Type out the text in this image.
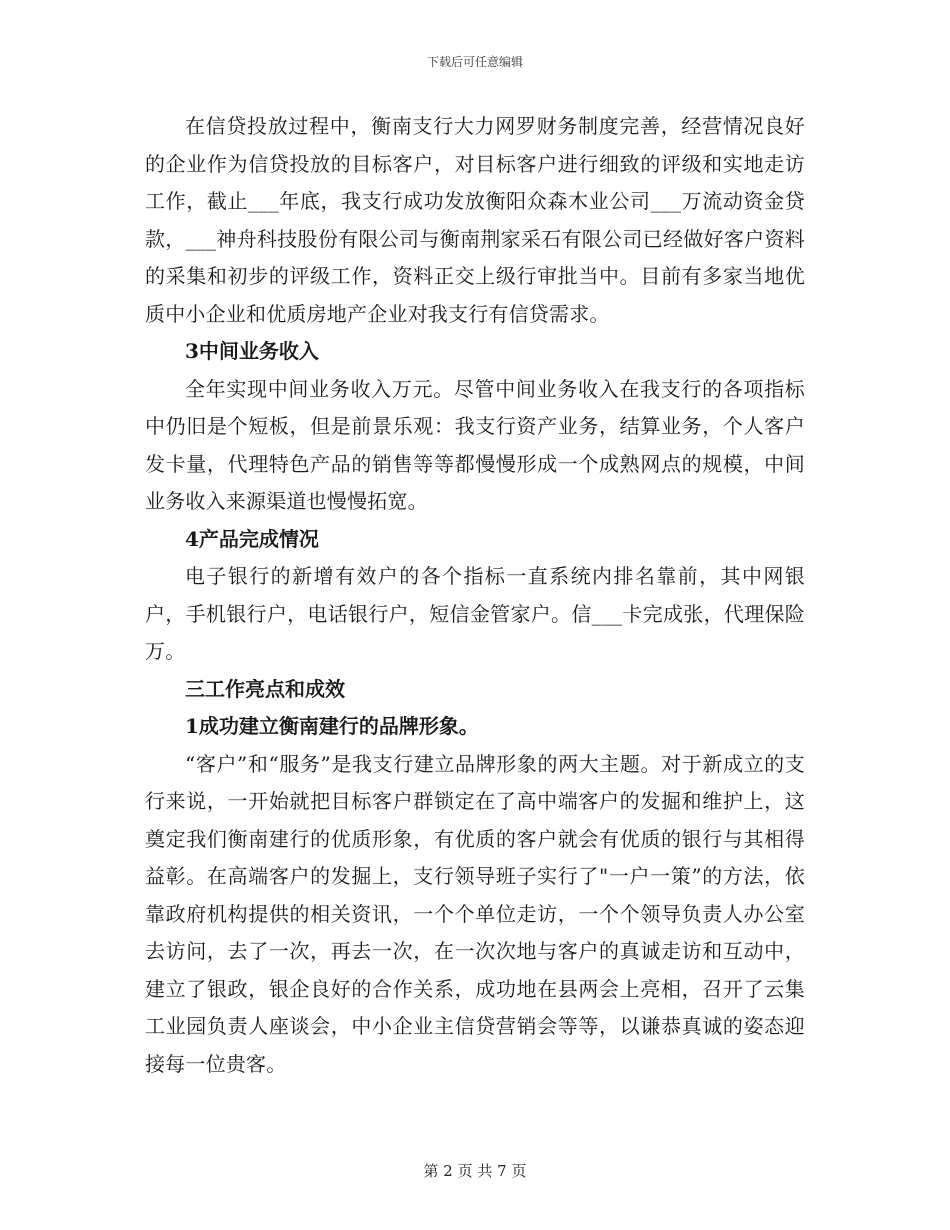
下载后可任意编辑

在信贷投放过程中，衡南支行大力网罗财务制度完善，经营情况良好的企业作为信贷投放的目标客户，对目标客户进行细致的评级和实地走访工作，截止___年底，我支行成功发放衡阳众森木业公司___万流动资金贷款，___神舟科技股份有限公司与衡南荆家采石有限公司已经做好客户资料的采集和初步的评级工作，资料正交上级行审批当中。目前有多家当地优质中小企业和优质房地产企业对我支行有信贷需求。

3中间业务收入

全年实现中间业务收入万元。尽管中间业务收入在我支行的各项指标中仍旧是个短板，但是前景乐观：我支行资产业务，结算业务，个人客户发卡量，代理特色产品的销售等等都慢慢形成一个成熟网点的规模，中间业务收入来源渠道也慢慢拓宽。

4产品完成情况

电子银行的新增有效户的各个指标一直系统内排名靠前，其中网银户，手机银行户，电话银行户，短信金管家户。信___卡完成张，代理保险万。

三工作亮点和成效

1成功建立衡南建行的品牌形象。

“客户”和“服务”是我支行建立品牌形象的两大主题。对于新成立的支行来说，一开始就把目标客户群锁定在了高中端客户的发掘和维护上，这奠定我们衡南建行的优质形象，有优质的客户就会有优质的银行与其相得益彰。在高端客户的发掘上，支行领导班子实行了"一户一策”的方法，依靠政府机构提供的相关资讯，一个个单位走访，一个个领导负责人办公室去访问，去了一次，再去一次，在一次次地与客户的真诚走访和互动中，建立了银政，银企良好的合作关系，成功地在县两会上亮相，召开了云集工业园负责人座谈会，中小企业主信贷营销会等等，以谦恭真诚的姿态迎接每一位贵客。

第 2 页 共 7 页
